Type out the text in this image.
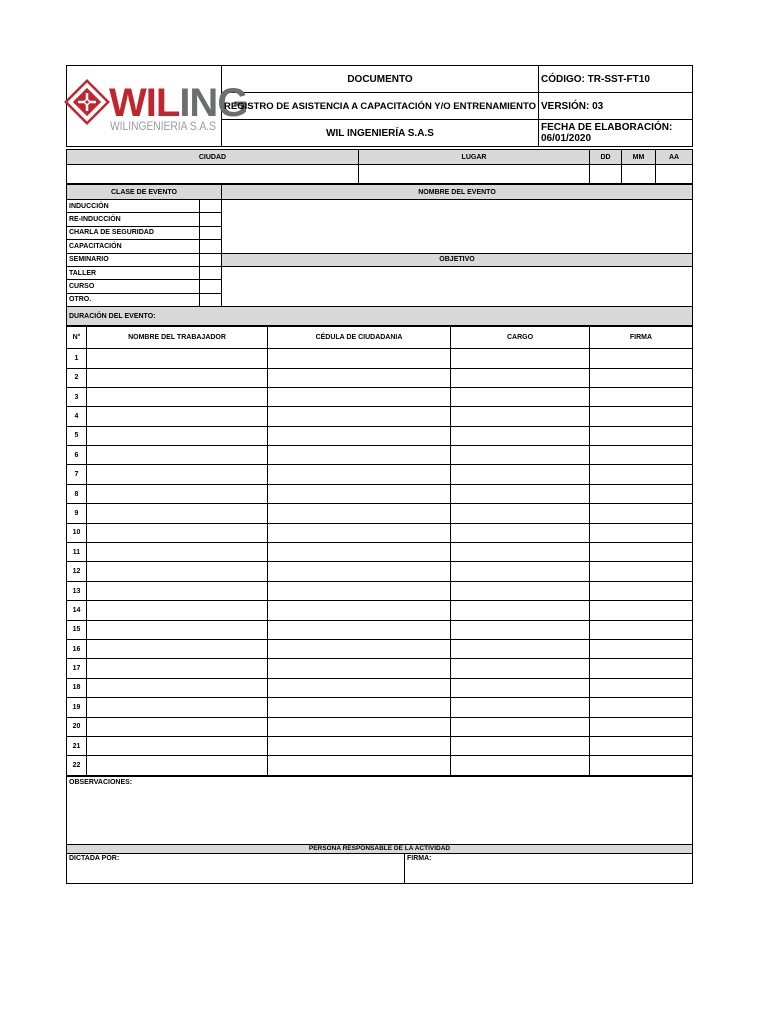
WILING
WILINGENIERIA S.A.S	DOCUMENTO	CÓDIGO: TR-SST-FT10
	REGISTRO DE ASISTENCIA A CAPACITACIÓN Y/O ENTRENAMIENTO	VERSIÓN: 03
	WIL INGENIERÍA S.A.S	FECHA DE ELABORACIÓN:
06/01/2020
CIUDAD	LUGAR	DD	MM	AA

CLASE DE EVENTO		NOMBRE DEL EVENTO
INDUCCIÓN		
RE-INDUCCIÓN		
CHARLA DE SEGURIDAD		
CAPACITACIÓN		
SEMINARIO		OBJETIVO
TALLER		
CURSO		
OTRO.		
DURACIÓN DEL EVENTO:		
N°	NOMBRE DEL TRABAJADOR	CÉDULA DE CIUDADANIA	CARGO	FIRMA
1				
2				
3				
4				
5				
6				
7				
8				
9				
10				
11				
12				
13				
14				
15				
16				
17				
18				
19				
20				
21				
22				
OBSERVACIONES:
PERSONA RESPONSABLE DE LA ACTIVIDAD
DICTADA POR:	FIRMA:
